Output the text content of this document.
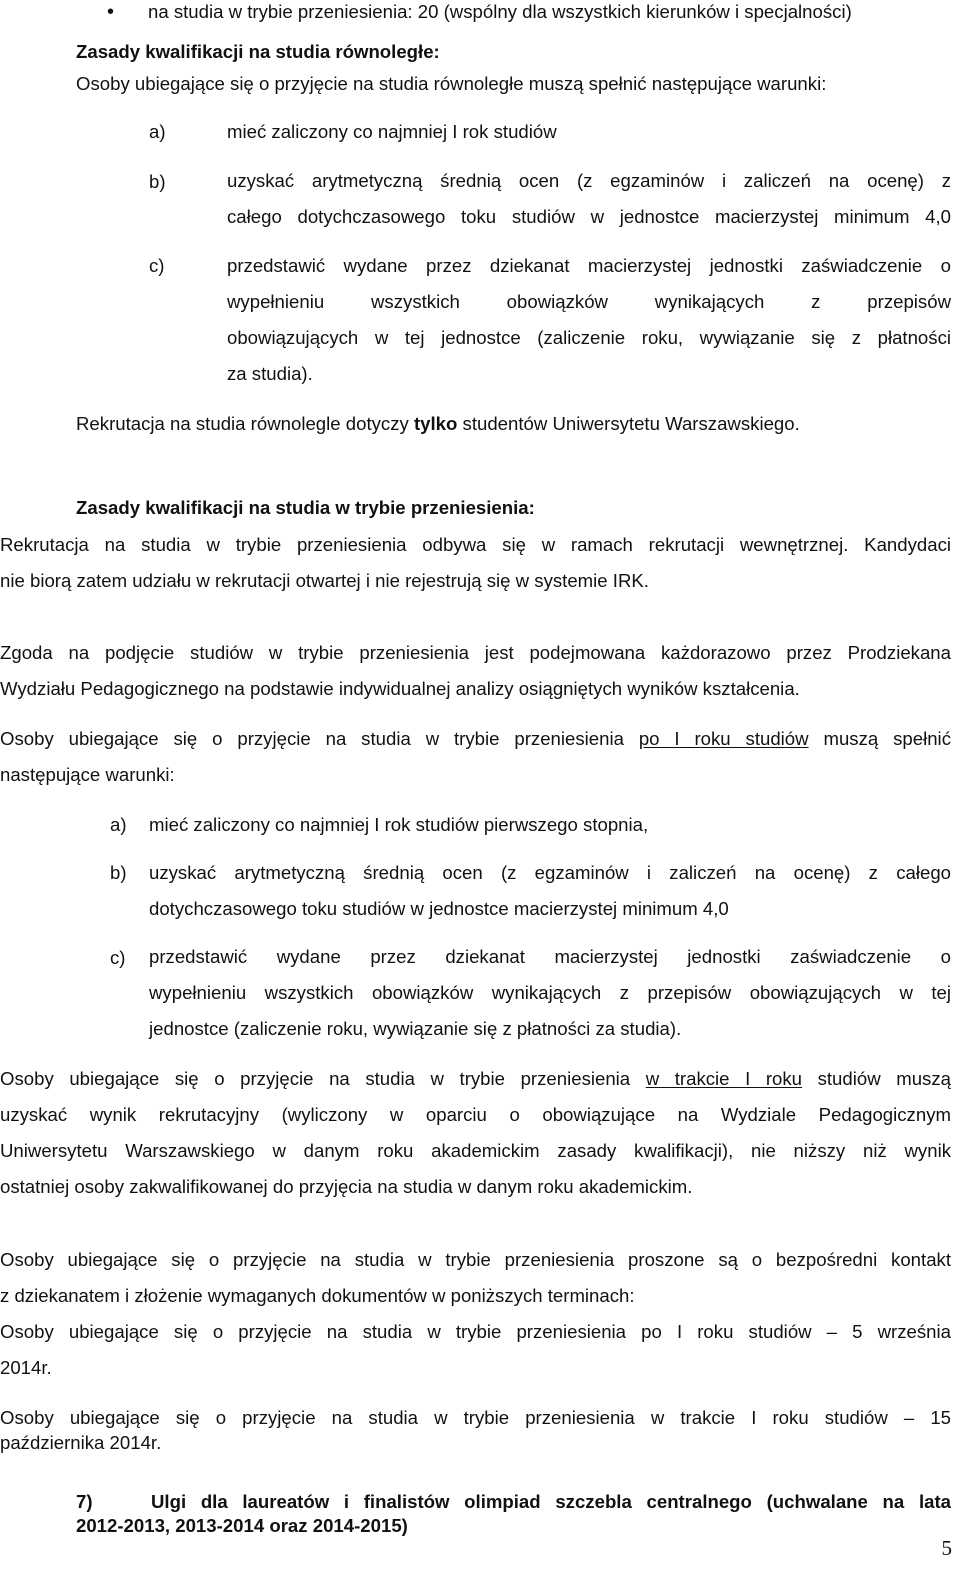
• na studia w trybie przeniesienia: 20 (wspólny dla wszystkich kierunków i specjalności)
Zasady kwalifikacji na studia równoległe:
Osoby ubiegające się o przyjęcie na studia równoległe muszą spełnić następujące warunki:
a)	mieć zaliczony co najmniej I rok studiów
b)	uzyskać arytmetyczną średnią ocen (z egzaminów i zaliczeń na ocenę) z
całego dotychczasowego toku studiów w jednostce macierzystej minimum 4,0
c)	przedstawić wydane przez dziekanat macierzystej jednostki zaświadczenie o
wypełnieniu wszystkich obowiązków wynikających z przepisów
obowiązujących w tej jednostce (zaliczenie roku, wywiązanie się z płatności
za studia).
Rekrutacja na studia równolegle dotyczy tylko studentów Uniwersytetu Warszawskiego.
Zasady kwalifikacji na studia w trybie przeniesienia:
Rekrutacja na studia w trybie przeniesienia odbywa się w ramach rekrutacji wewnętrznej. Kandydaci
nie biorą zatem udziału w rekrutacji otwartej i nie rejestrują się w systemie IRK.
Zgoda na podjęcie studiów w trybie przeniesienia jest podejmowana każdorazowo przez Prodziekana
Wydziału Pedagogicznego na podstawie indywidualnej analizy osiągniętych wyników kształcenia.
Osoby ubiegające się o przyjęcie na studia w trybie przeniesienia po I roku studiów muszą spełnić
następujące warunki:
a) mieć zaliczony co najmniej I rok studiów pierwszego stopnia,
b) uzyskać arytmetyczną średnią ocen (z egzaminów i zaliczeń na ocenę) z całego
dotychczasowego toku studiów w jednostce macierzystej minimum 4,0
c) przedstawić wydane przez dziekanat macierzystej jednostki zaświadczenie o
wypełnieniu wszystkich obowiązków wynikających z przepisów obowiązujących w tej
jednostce (zaliczenie roku, wywiązanie się z płatności za studia).
Osoby ubiegające się o przyjęcie na studia w trybie przeniesienia w trakcie I roku studiów muszą
uzyskać wynik rekrutacyjny (wyliczony w oparciu o obowiązujące na Wydziale Pedagogicznym
Uniwersytetu Warszawskiego w danym roku akademickim zasady kwalifikacji), nie niższy niż wynik
ostatniej osoby zakwalifikowanej do przyjęcia na studia w danym roku akademickim.
Osoby ubiegające się o przyjęcie na studia w trybie przeniesienia proszone są o bezpośredni kontakt
z dziekanatem i złożenie wymaganych dokumentów w poniższych terminach:
Osoby ubiegające się o przyjęcie na studia w trybie przeniesienia po I roku studiów – 5 września
2014r.
Osoby ubiegające się o przyjęcie na studia w trybie przeniesienia w trakcie I roku studiów – 15
października 2014r.
7)	Ulgi dla laureatów i finalistów olimpiad szczebla centralnego (uchwalane na lata
2012-2013, 2013-2014 oraz 2014-2015)
5
